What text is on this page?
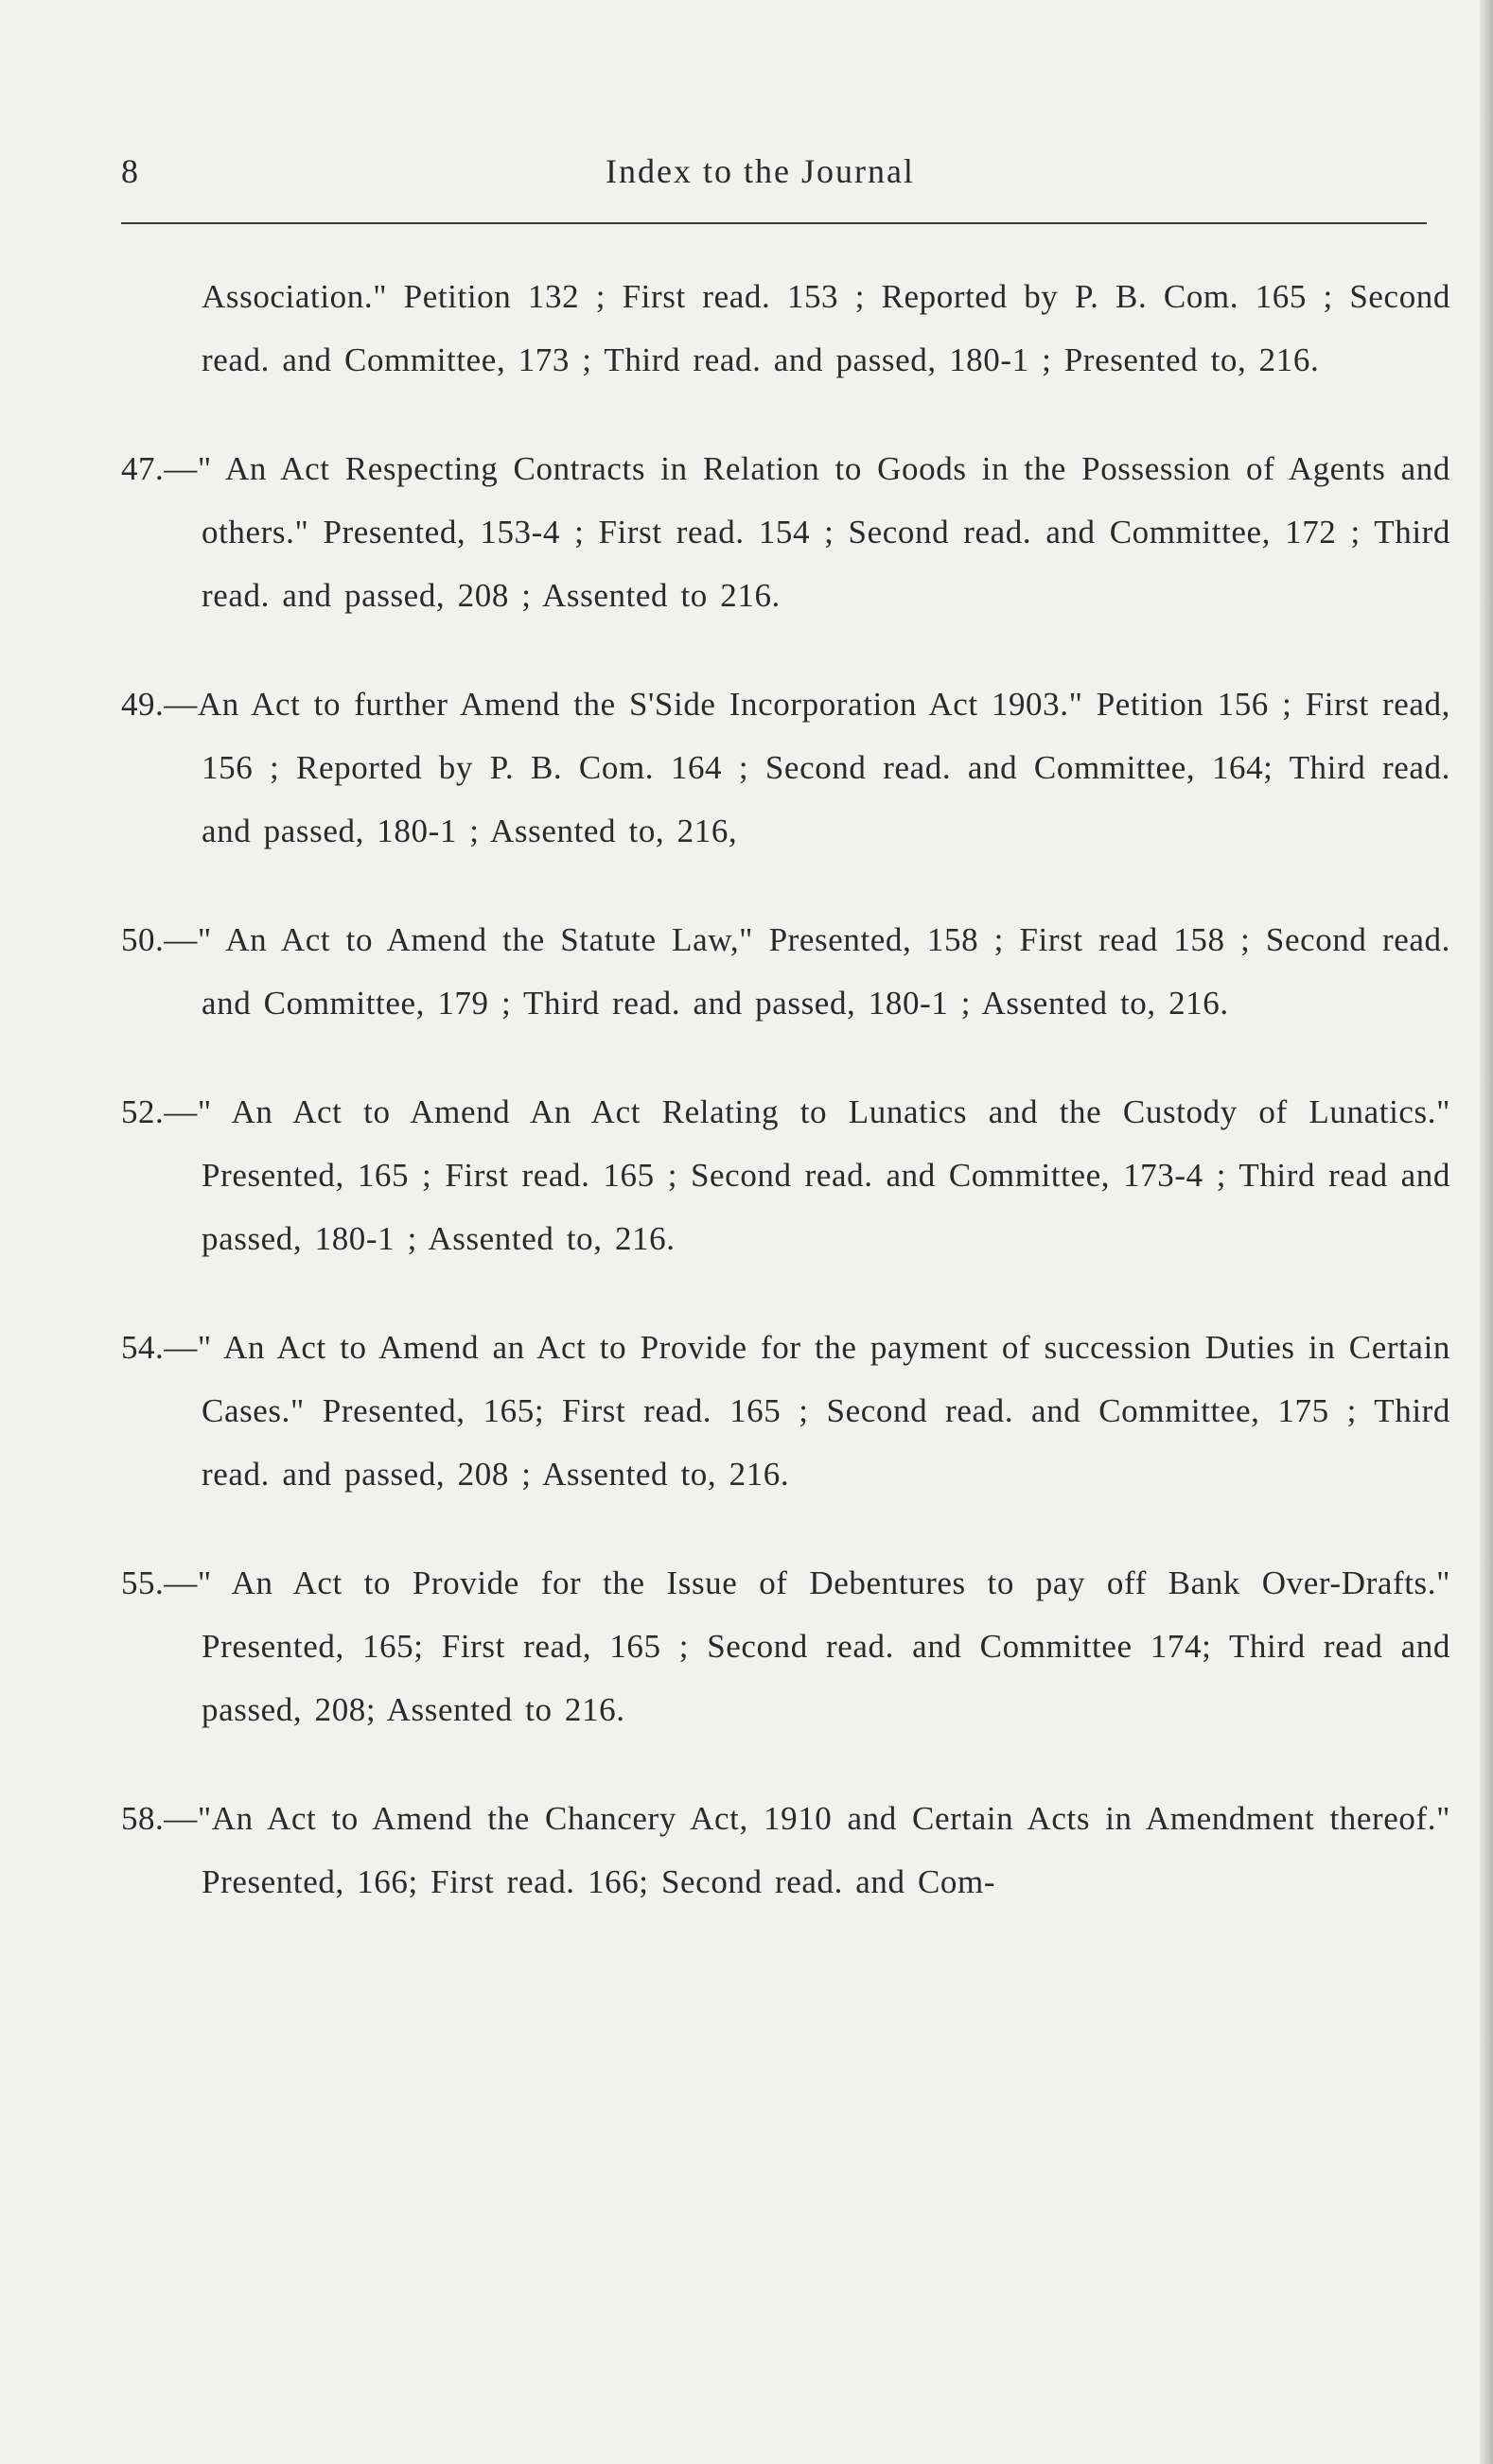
8	Index to the Journal

Association." Petition 132 ; First read. 153 ; Reported by P. B. Com. 165 ; Second read. and Committee, 173 ; Third read. and passed, 180-1 ; Presented to, 216.

47.—" An Act Respecting Contracts in Relation to Goods in the Possession of Agents and others." Presented, 153-4 ; First read. 154 ; Second read. and Committee, 172 ; Third read. and passed, 208 ; Assented to 216.

49.—An Act to further Amend the S'Side Incorporation Act 1903." Petition 156 ; First read, 156 ; Reported by P. B. Com. 164 ; Second read. and Committee, 164; Third read. and passed, 180-1 ; Assented to, 216,

50.—" An Act to Amend the Statute Law," Presented, 158 ; First read 158 ; Second read. and Committee, 179 ; Third read. and passed, 180-1 ; Assented to, 216.

52.—" An Act to Amend An Act Relating to Lunatics and the Custody of Lunatics." Presented, 165 ; First read. 165 ; Second read. and Committee, 173-4 ; Third read and passed, 180-1 ; Assented to, 216.

54.—" An Act to Amend an Act to Provide for the payment of succession Duties in Certain Cases." Presented, 165; First read. 165 ; Second read. and Committee, 175 ; Third read. and passed, 208 ; Assented to, 216.

55.—" An Act to Provide for the Issue of Debentures to pay off Bank Over-Drafts." Presented, 165; First read, 165 ; Second read. and Committee 174; Third read and passed, 208; Assented to 216.

58.—"An Act to Amend the Chancery Act, 1910 and Certain Acts in Amendment thereof." Presented, 166; First read. 166; Second read. and Com-
